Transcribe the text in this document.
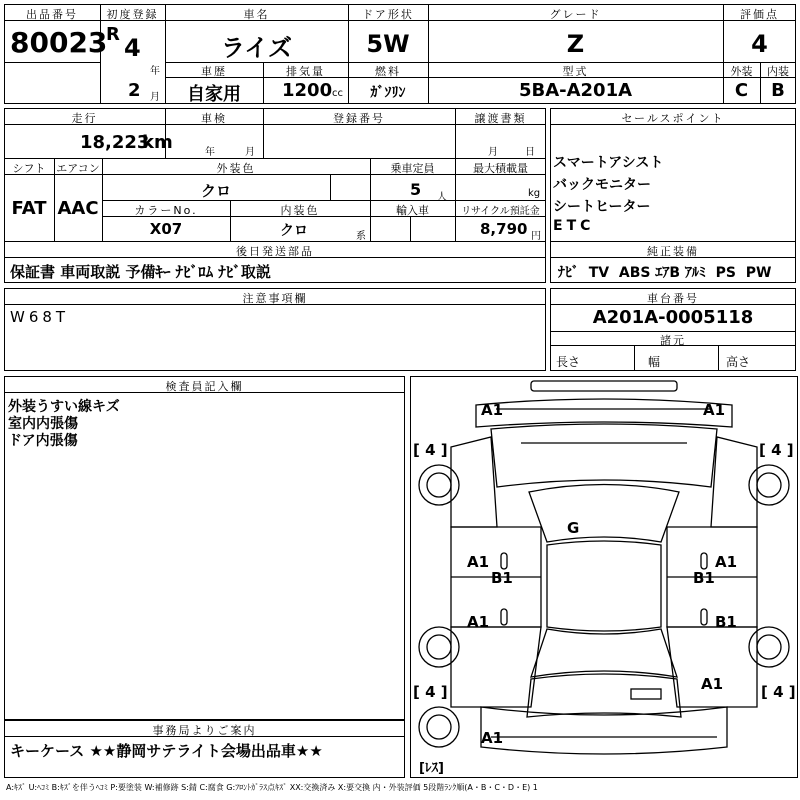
出品番号
80023
初度登録
R 4
年
2 月
車名
ライズ
ドア形状
5W
グレード
Z
評価点
4
車歴
自家用
排気量
1200 cc
燃料
ｶﾞｿﾘﾝ
型式
5BA-A201A
外装	内装
C	B
走行
18,223
km
車検
年	月
登録番号	譲渡書類
月	日
シフト
FAT
エアコン
AAC
外装色
クロ
乗車定員
5 人
最大積載量
kg
カラーNo.
X07
内装色
クロ	系
輸入車	リサイクル預託金
8,790 円
後日発送部品
保証書 車両取説 予備ｷｰ ﾅﾋﾞﾛﾑ ﾅﾋﾞ取説
セールスポイント
スマートアシスト
バックモニター
シートヒーター
ETC
純正装備
ﾅﾋﾞ  TV  ABS ｴｱB ｱﾙﾐ  PS  PW
注意事項欄
W68T
車台番号
A201A-0005118
諸元
長さ	幅	高さ
検査員記入欄
外装うすい線キズ
室内内張傷
ドア内張傷
事務局よりご案内
キーケース ★★静岡サテライト会場出品車★★
A1	A1
G
A1
B1
A1
B1
A1
A1
B1
A1
[ 4 ]	[ 4 ]
[ 4 ]	[ 4 ]
[ﾚｽ]
A:ｷｽﾞ U:ﾍｺﾐ B:ｷｽﾞを伴うﾍｺﾐ P:要塗装 W:補修跡 S:錆 C:腐食 G:ﾌﾛﾝﾄｶﾞﾗｽ点ｷｽﾞ XX:交換済み X:要交換 内・外装評価 5段階ﾗﾝｸ順(A・B・C・D・E) 1
